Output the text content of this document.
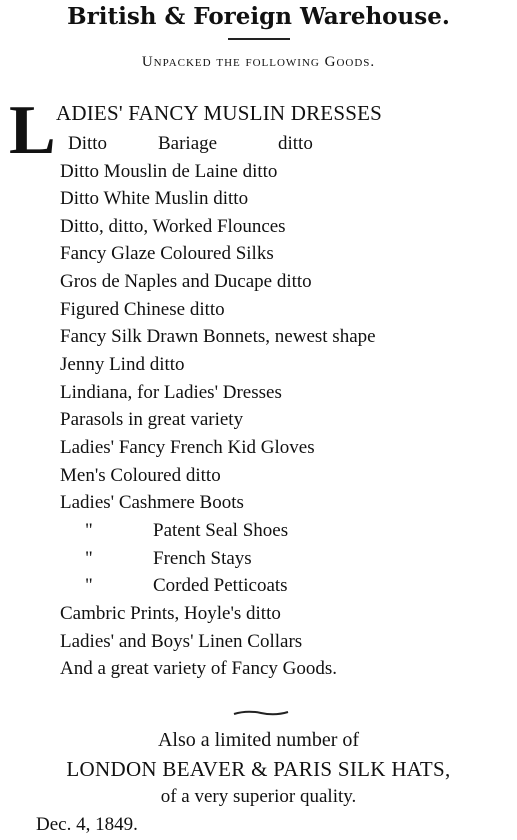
British & Foreign Warehouse.
Unpacked the following Goods.
L ADIES' FANCY MUSLIN DRESSES
Ditto	Bariage	ditto
Ditto Mouslin de Laine ditto
Ditto White Muslin ditto
Ditto, ditto, Worked Flounces
Fancy Glaze Coloured Silks
Gros de Naples and Ducape ditto
Figured Chinese ditto
Fancy Silk Drawn Bonnets, newest shape
Jenny Lind ditto
Lindiana, for Ladies' Dresses
Parasols in great variety
Ladies' Fancy French Kid Gloves
Men's Coloured ditto
Ladies' Cashmere Boots
"	Patent Seal Shoes
"	French Stays
"	Corded Petticoats
Cambric Prints, Hoyle's ditto
Ladies' and Boys' Linen Collars
And a great variety of Fancy Goods.
Also a limited number of
LONDON BEAVER & PARIS SILK HATS,
of a very superior quality.
Dec. 4, 1849.
